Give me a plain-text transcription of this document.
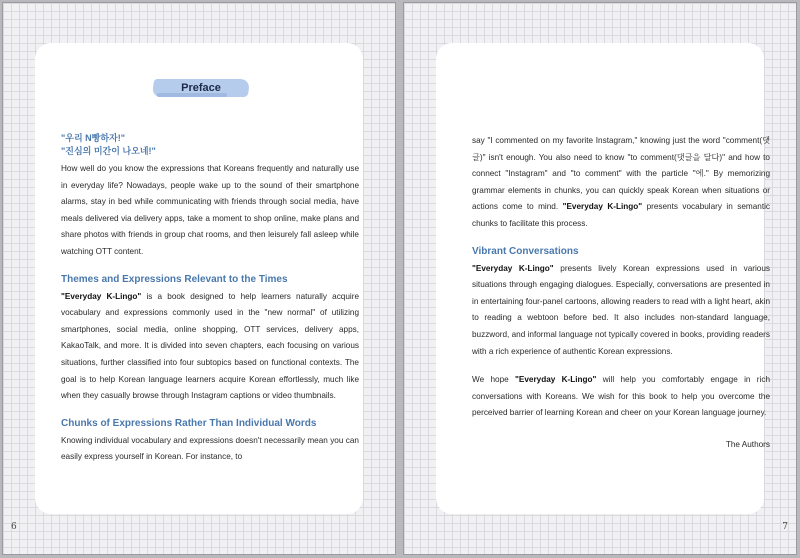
Preface
"우리 N빵하자!"
"진심의 미간이 나오네!"

How well do you know the expressions that Koreans frequently and naturally use in everyday life? Nowadays, people wake up to the sound of their smartphone alarms, stay in bed while communicating with friends through social media, have meals delivered via delivery apps, take a moment to shop online, make plans and share photos with friends in group chat rooms, and then leisurely fall asleep while watching OTT content.

Themes and Expressions Relevant to the Times

"Everyday K-Lingo" is a book designed to help learners naturally acquire vocabulary and expressions commonly used in the "new normal" of utilizing smartphones, social media, online shopping, OTT services, delivery apps, KakaoTalk, and more. It is divided into seven chapters, each focusing on various situations, further classified into four subtopics based on functional contexts. The goal is to help Korean language learners acquire Korean effortlessly, much like when they casually browse through Instagram captions or video thumbnails.

Chunks of Expressions Rather Than Individual Words

Knowing individual vocabulary and expressions doesn't necessarily mean you can easily express yourself in Korean. For instance, to

6

say "I commented on my favorite Instagram," knowing just the word "comment(댓글)" isn't enough. You also need to know "to comment(댓글을 달다)" and how to connect "Instagram" and "to comment" with the particle "에." By memorizing grammar elements in chunks, you can quickly speak Korean when situations or actions come to mind. "Everyday K-Lingo" presents vocabulary in semantic chunks to facilitate this process.

Vibrant Conversations

"Everyday K-Lingo" presents lively Korean expressions used in various situations through engaging dialogues. Especially, conversations are presented in in entertaining four-panel cartoons, allowing readers to read with a light heart, akin to reading a webtoon before bed. It also includes non-standard language, buzzword, and informal language not typically covered in books, providing readers with a rich experience of authentic Korean expressions.

We hope "Everyday K-Lingo" will help you comfortably engage in rich conversations with Koreans. We wish for this book to help you overcome the perceived barrier of learning Korean and cheer on your Korean language journey.

The Authors
7
